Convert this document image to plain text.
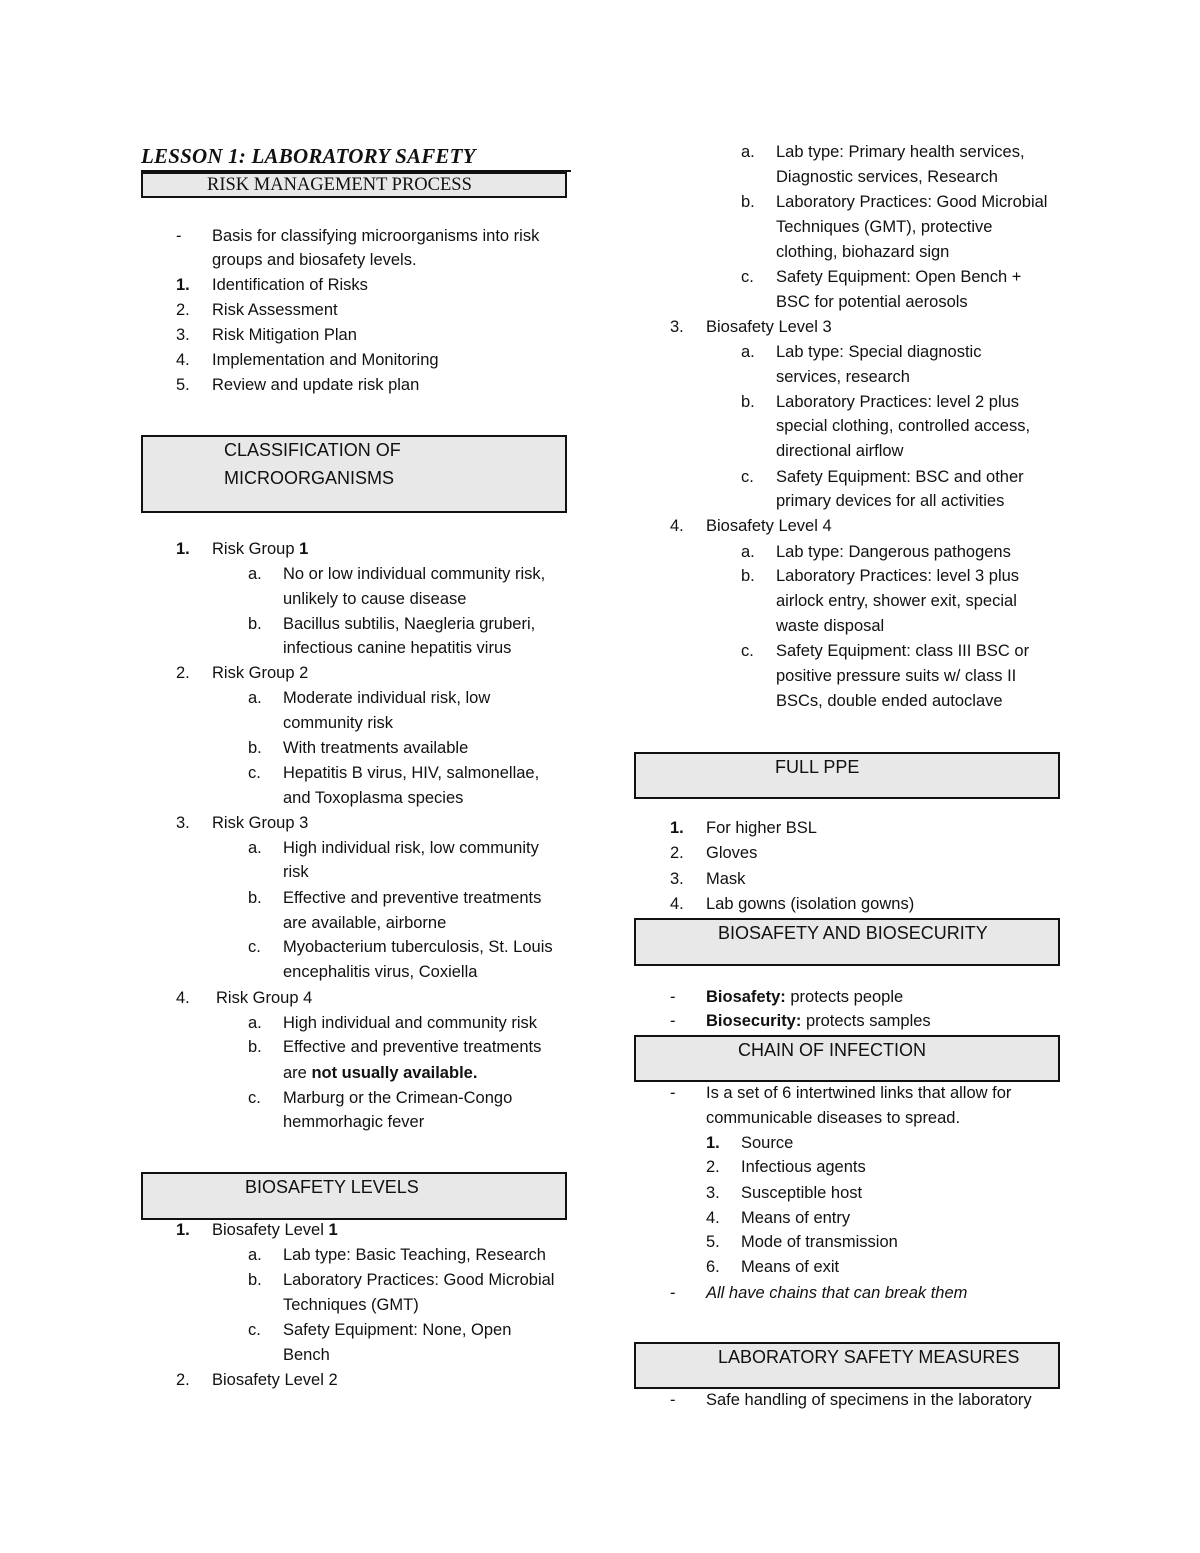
LESSON 1: LABORATORY SAFETY
RISK MANAGEMENT PROCESS
- Basis for classifying microorganisms into risk
groups and biosafety levels.
1. Identification of Risks
2. Risk Assessment
3. Risk Mitigation Plan
4. Implementation and Monitoring
5. Review and update risk plan
CLASSIFICATION OF
MICROORGANISMS
1. Risk Group 1
a. No or low individual community risk,
unlikely to cause disease
b. Bacillus subtilis, Naegleria gruberi,
infectious canine hepatitis virus
2. Risk Group 2
a. Moderate individual risk, low
community risk
b. With treatments available
c. Hepatitis B virus, HIV, salmonellae,
and Toxoplasma species
3. Risk Group 3
a. High individual risk, low community
risk
b. Effective and preventive treatments
are available, airborne
c. Myobacterium tuberculosis, St. Louis
encephalitis virus, Coxiella
4. Risk Group 4
a. High individual and community risk
b. Effective and preventive treatments
are not usually available.
c. Marburg or the Crimean-Congo
hemmorhagic fever
BIOSAFETY LEVELS
1. Biosafety Level 1
a. Lab type: Basic Teaching, Research
b. Laboratory Practices: Good Microbial
Techniques (GMT)
c. Safety Equipment: None, Open
Bench
2. Biosafety Level 2
a. Lab type: Primary health services,
Diagnostic services, Research
b. Laboratory Practices: Good Microbial
Techniques (GMT), protective
clothing, biohazard sign
c. Safety Equipment: Open Bench +
BSC for potential aerosols
3. Biosafety Level 3
a. Lab type: Special diagnostic
services, research
b. Laboratory Practices: level 2 plus
special clothing, controlled access,
directional airflow
c. Safety Equipment: BSC and other
primary devices for all activities
4. Biosafety Level 4
a. Lab type: Dangerous pathogens
b. Laboratory Practices: level 3 plus
airlock entry, shower exit, special
waste disposal
c. Safety Equipment: class III BSC or
positive pressure suits w/ class II
BSCs, double ended autoclave
FULL PPE
1. For higher BSL
2. Gloves
3. Mask
4. Lab gowns (isolation gowns)
BIOSAFETY AND BIOSECURITY
- Biosafety: protects people
- Biosecurity: protects samples
CHAIN OF INFECTION
- Is a set of 6 intertwined links that allow for
communicable diseases to spread.
1. Source
2. Infectious agents
3. Susceptible host
4. Means of entry
5. Mode of transmission
6. Means of exit
- All have chains that can break them
LABORATORY SAFETY MEASURES
- Safe handling of specimens in the laboratory
